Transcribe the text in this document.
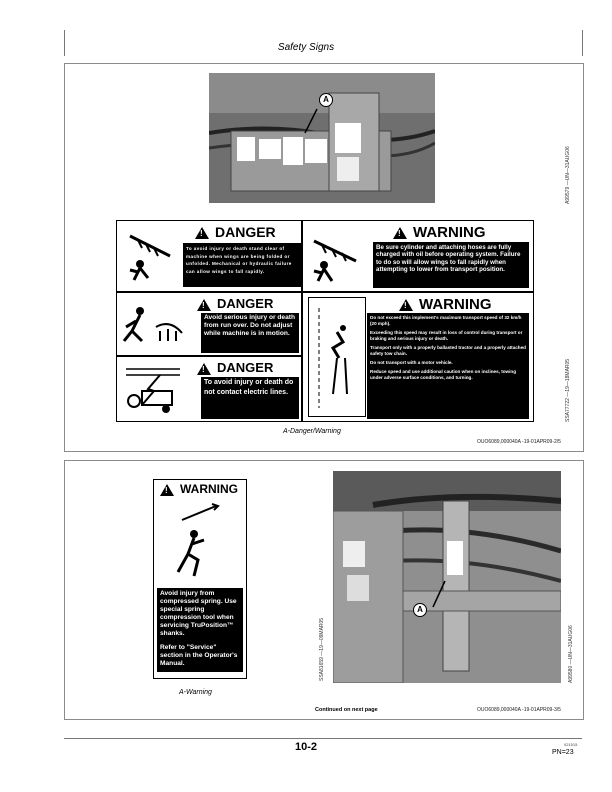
Safety Signs
A
A99579 —UN—31AUG06
!DANGER
To avoid injury or death stand clear of machine when wings are being folded or unfolded. Mechanical or hydraulic failure can allow wings to fall rapidly.
!WARNING
Be sure cylinder and attaching hoses are fully charged with oil before operating system. Failure to do so will allow wings to fall rapidly when attempting to lower from transport position.
!DANGER
Avoid serious injury or death from run over. Do not adjust while machine is in motion.
!DANGER
To avoid injury or death do not contact electric lines.
!WARNING
Do not exceed this implement's maximum transport speed of 32 km/h (20 mph).
Exceeding this speed may result in loss of control during transport or braking and serious injury or death.
Transport only with a properly ballasted tractor and a properly attached safety tow chain.
Do not transport with a motor vehicle.
Reduce speed and use additional caution when on inclines, towing under adverse surface conditions, and turning.	SSA77722 —19—18MAR05
A-Danger/Warning
OUO6089,000040A -19-01APR09-2/5
!WARNING
Avoid injury from compressed spring. Use special spring compression tool when servicing TruPosition™ shanks.
Refer to "Service" section in the Operator's Manual.	SSA81659 —19—09MAR05
A
A99580 —UN—31AUG06
A-Warning
Continued on next page	OUO6089,000040A -19-01APR09-3/5
10-2	021515
PN=23
